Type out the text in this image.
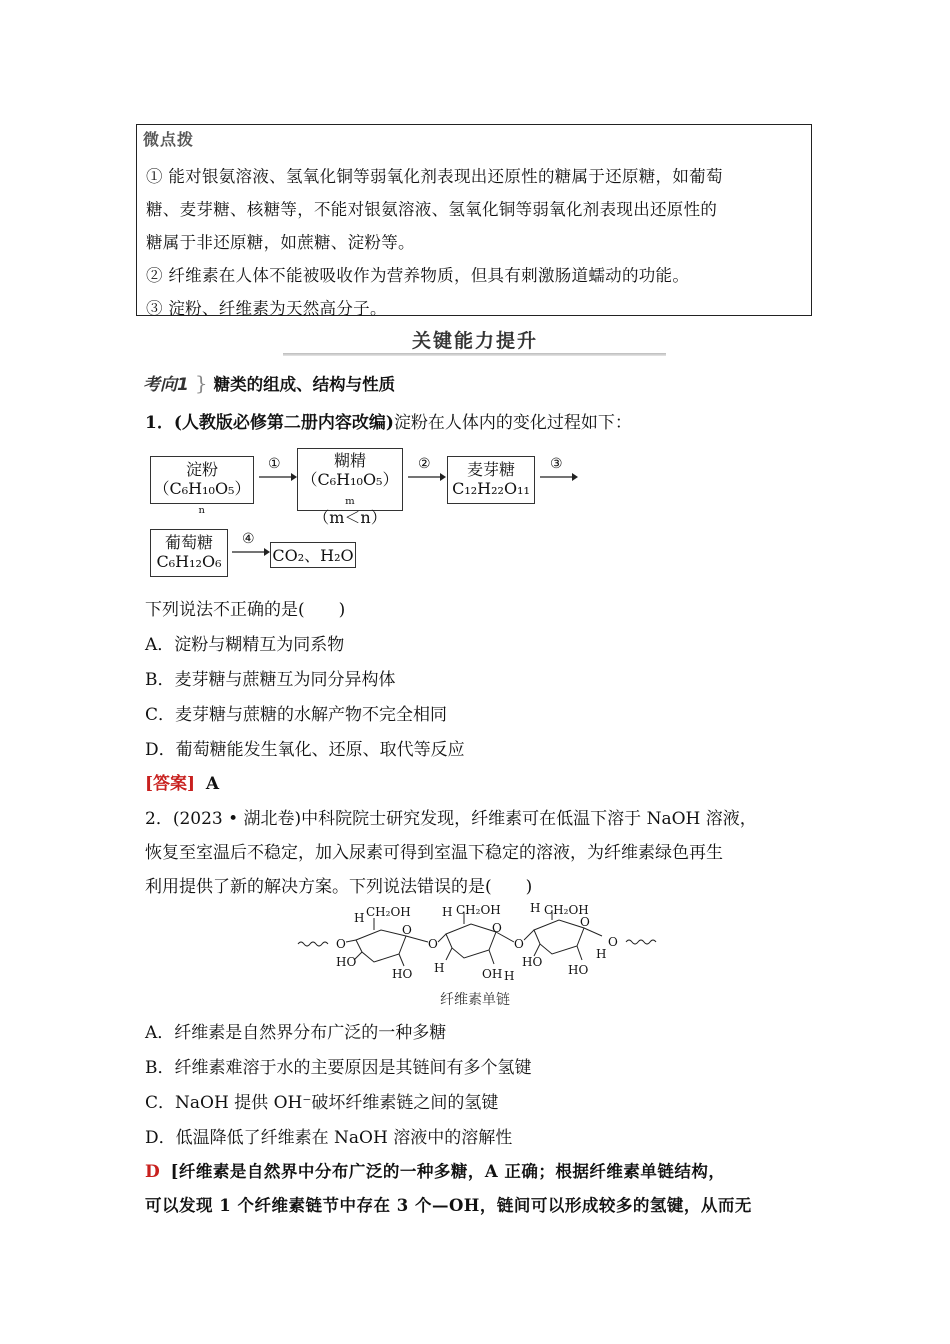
微点拨
① 能对银氨溶液、氢氧化铜等弱氧化剂表现出还原性的糖属于还原糖，如葡萄
糖、麦芽糖、核糖等，不能对银氨溶液、氢氧化铜等弱氧化剂表现出还原性的
糖属于非还原糖，如蔗糖、淀粉等。
② 纤维素在人体不能被吸收作为营养物质，但具有刺激肠道蠕动的功能。
③ 淀粉、纤维素为天然高分子。
关键能力提升
考向1 } 糖类的组成、结构与性质
1．(人教版必修第二册内容改编)淀粉在人体内的变化过程如下：
淀粉
（C₆H₁₀O₅）ₙ
①	糊精
（C₆H₁₀O₅）ₘ
（m＜n）
②	麦芽糖
C₁₂H₂₂O₁₁
③
葡萄糖
C₆H₁₂O₆
④
CO₂、H₂O
下列说法不正确的是(　　)
A．淀粉与糊精互为同系物
B．麦芽糖与蔗糖互为同分异构体
C．麦芽糖与蔗糖的水解产物不完全相同
D．葡萄糖能发生氧化、还原、取代等反应
[答案] A
2．(2023 • 湖北卷)中科院院士研究发现，纤维素可在低温下溶于 NaOH 溶液，
恢复至室温后不稳定，加入尿素可得到室温下稳定的溶液，为纤维素绿色再生
利用提供了新的解决方案。下列说法错误的是(　　)
O
H CH₂OH
O
HO
HO
O
H CH₂OH
O
H	OH
O
H CH₂OH
O
H
HO
HO
H
O
纤维素单链
A．纤维素是自然界分布广泛的一种多糖
B．纤维素难溶于水的主要原因是其链间有多个氢键
C．NaOH 提供 OH⁻破坏纤维素链之间的氢键
D．低温降低了纤维素在 NaOH 溶液中的溶解性
D [纤维素是自然界中分布广泛的一种多糖，A 正确；根据纤维素单链结构，
可以发现 1 个纤维素链节中存在 3 个—OH，链间可以形成较多的氢键，从而无
